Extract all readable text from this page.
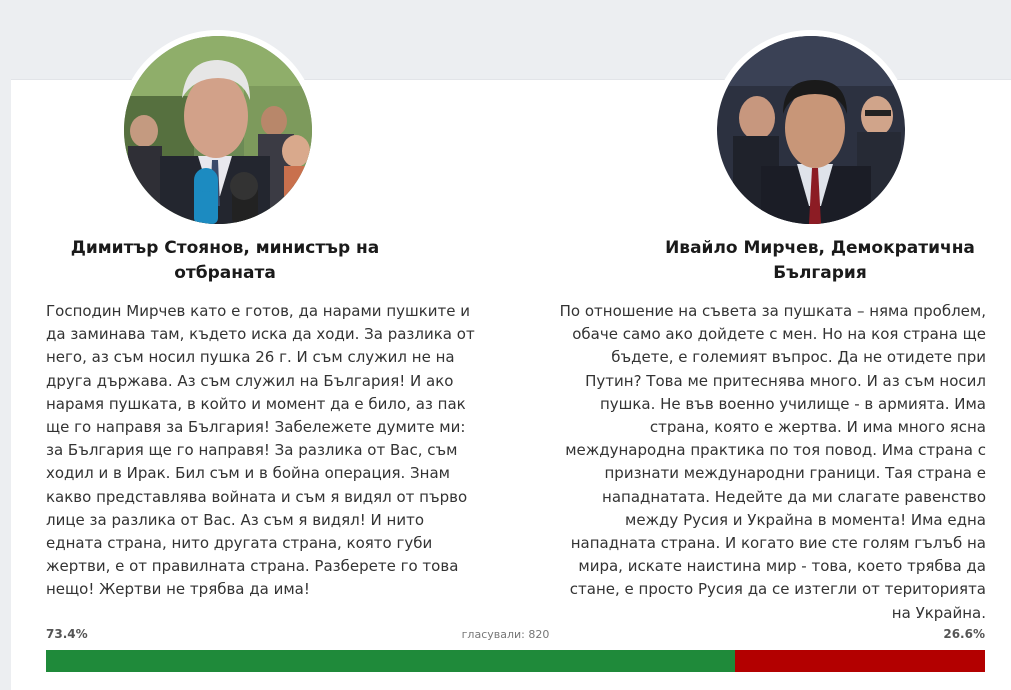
Димитър Стоянов, министър на
отбраната
Ивайло Мирчев, Демократична
България
Господин Мирчев като е готов, да нарами пушките и да заминава там, където иска да ходи. За разлика от него, аз съм носил пушка 26 г. И съм служил не на друга държава. Аз съм служил на България! И ако нарамя пушката, в който и момент да е било, аз пак ще го направя за България! Забележете думите ми: за България ще го направя! За разлика от Вас, съм ходил и в Ирак. Бил съм и в бойна операция. Знам какво представлява войната и съм я видял от първо лице за разлика от Вас. Аз съм я видял! И нито едната страна, нито другата страна, която губи жертви, е от правилната страна. Разберете го това нещо! Жертви не трябва да има!
По отношение на съвета за пушката – няма проблем, обаче само ако дойдете с мен. Но на коя страна ще бъдете, е големият въпрос. Да не отидете при Путин? Това ме притеснява много. И аз съм носил пушка. Не във военно училище - в армията. Има страна, която е жертва. И има много ясна международна практика по тоя повод. Има страна с признати международни граници. Тая страна е нападнатата. Недейте да ми слагате равенство между Русия и Украйна в момента! Има една нападната страна. И когато вие сте голям гълъб на мира, искате наистина мир - това, което трябва да стане, е просто Русия да се изтегли от територията на Украйна.
73.4%	гласували: 820	26.6%
